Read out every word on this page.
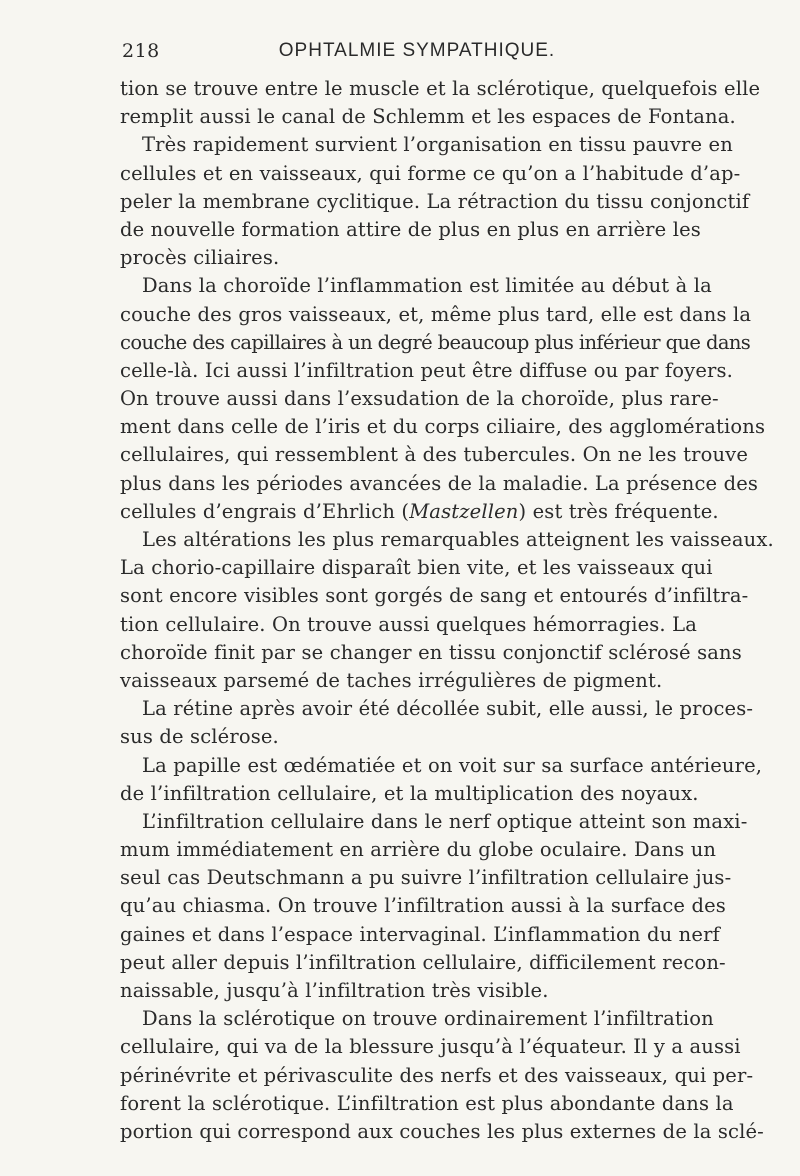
218	OPHTALMIE SYMPATHIQUE.
tion se trouve entre le muscle et la sclérotique, quelquefois elle
remplit aussi le canal de Schlemm et les espaces de Fontana.
Très rapidement survient l’organisation en tissu pauvre en
cellules et en vaisseaux, qui forme ce qu’on a l’habitude d’ap-
peler la membrane cyclitique. La rétraction du tissu conjonctif
de nouvelle formation attire de plus en plus en arrière les
procès ciliaires.
Dans la choroïde l’inflammation est limitée au début à la
couche des gros vaisseaux, et, même plus tard, elle est dans la
couche des capillaires à un degré beaucoup plus inférieur que dans
celle-là. Ici aussi l’infiltration peut être diffuse ou par foyers.
On trouve aussi dans l’exsudation de la choroïde, plus rare-
ment dans celle de l’iris et du corps ciliaire, des agglomérations
cellulaires, qui ressemblent à des tubercules. On ne les trouve
plus dans les périodes avancées de la maladie. La présence des
cellules d’engrais d’Ehrlich (Mastzellen) est très fréquente.
Les altérations les plus remarquables atteignent les vaisseaux.
La chorio-capillaire disparaît bien vite, et les vaisseaux qui
sont encore visibles sont gorgés de sang et entourés d’infiltra-
tion cellulaire. On trouve aussi quelques hémorragies. La
choroïde finit par se changer en tissu conjonctif sclérosé sans
vaisseaux parsemé de taches irrégulières de pigment.
La rétine après avoir été décollée subit, elle aussi, le proces-
sus de sclérose.
La papille est œdématiée et on voit sur sa surface antérieure,
de l’infiltration cellulaire, et la multiplication des noyaux.
L’infiltration cellulaire dans le nerf optique atteint son maxi-
mum immédiatement en arrière du globe oculaire. Dans un
seul cas Deutschmann a pu suivre l’infiltration cellulaire jus-
qu’au chiasma. On trouve l’infiltration aussi à la surface des
gaines et dans l’espace intervaginal. L’inflammation du nerf
peut aller depuis l’infiltration cellulaire, difficilement recon-
naissable, jusqu’à l’infiltration très visible.
Dans la sclérotique on trouve ordinairement l’infiltration
cellulaire, qui va de la blessure jusqu’à l’équateur. Il y a aussi
périnévrite et périvasculite des nerfs et des vaisseaux, qui per-
forent la sclérotique. L’infiltration est plus abondante dans la
portion qui correspond aux couches les plus externes de la sclé-
